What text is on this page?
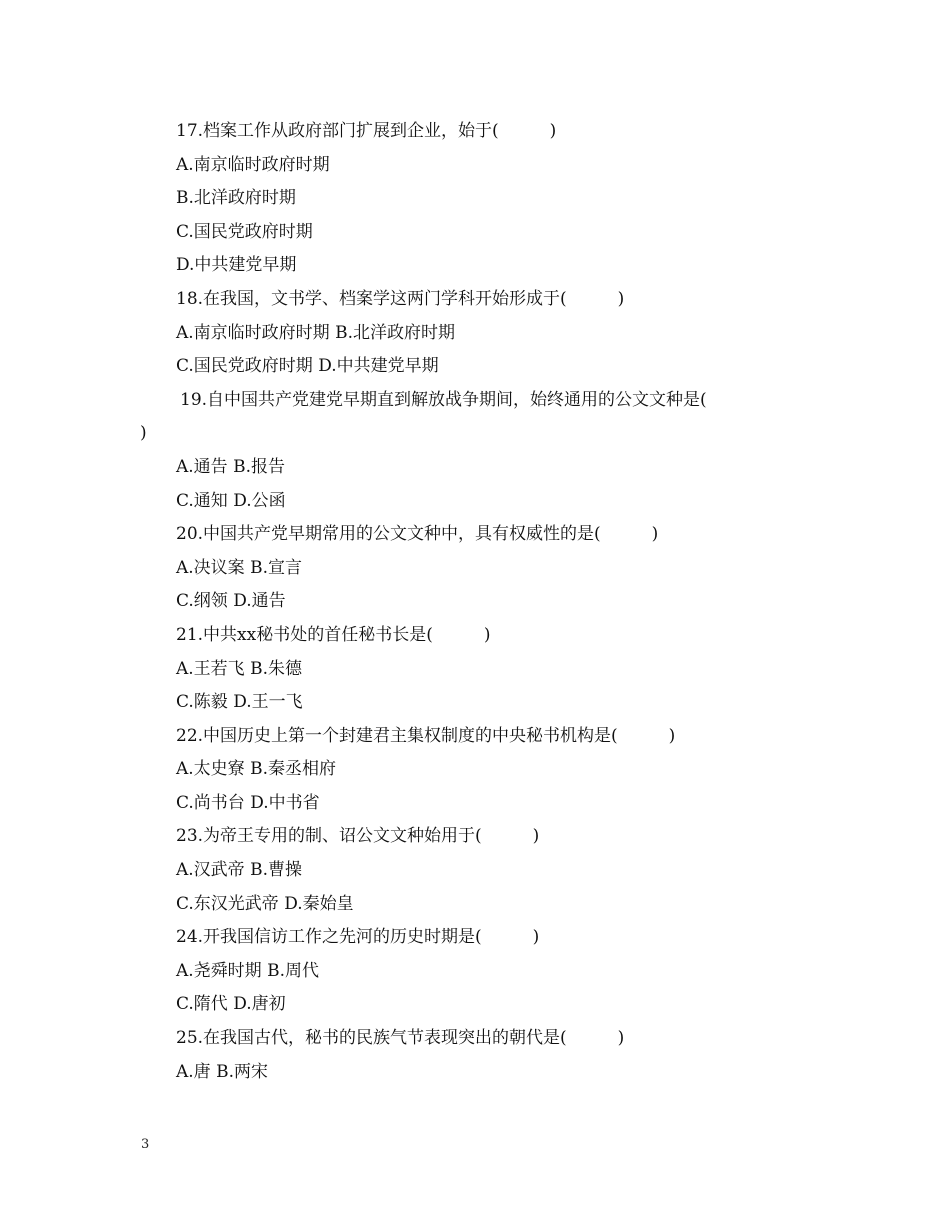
17.档案工作从政府部门扩展到企业，始于(　　　)
A.南京临时政府时期
B.北洋政府时期
C.国民党政府时期
D.中共建党早期
18.在我国，文书学、档案学这两门学科开始形成于(　　　)
A.南京临时政府时期 B.北洋政府时期
C.国民党政府时期 D.中共建党早期
19.自中国共产党建党早期直到解放战争期间，始终通用的公文文种是(
)
A.通告 B.报告
C.通知 D.公函
20.中国共产党早期常用的公文文种中，具有权威性的是(　　　)
A.决议案 B.宣言
C.纲领 D.通告
21.中共xx秘书处的首任秘书长是(　　　)
A.王若飞 B.朱德
C.陈毅 D.王一飞
22.中国历史上第一个封建君主集权制度的中央秘书机构是(　　　)
A.太史寮 B.秦丞相府
C.尚书台 D.中书省
23.为帝王专用的制、诏公文文种始用于(　　　)
A.汉武帝 B.曹操
C.东汉光武帝 D.秦始皇
24.开我国信访工作之先河的历史时期是(　　　)
A.尧舜时期 B.周代
C.隋代 D.唐初
25.在我国古代，秘书的民族气节表现突出的朝代是(　　　)
A.唐 B.两宋
3
